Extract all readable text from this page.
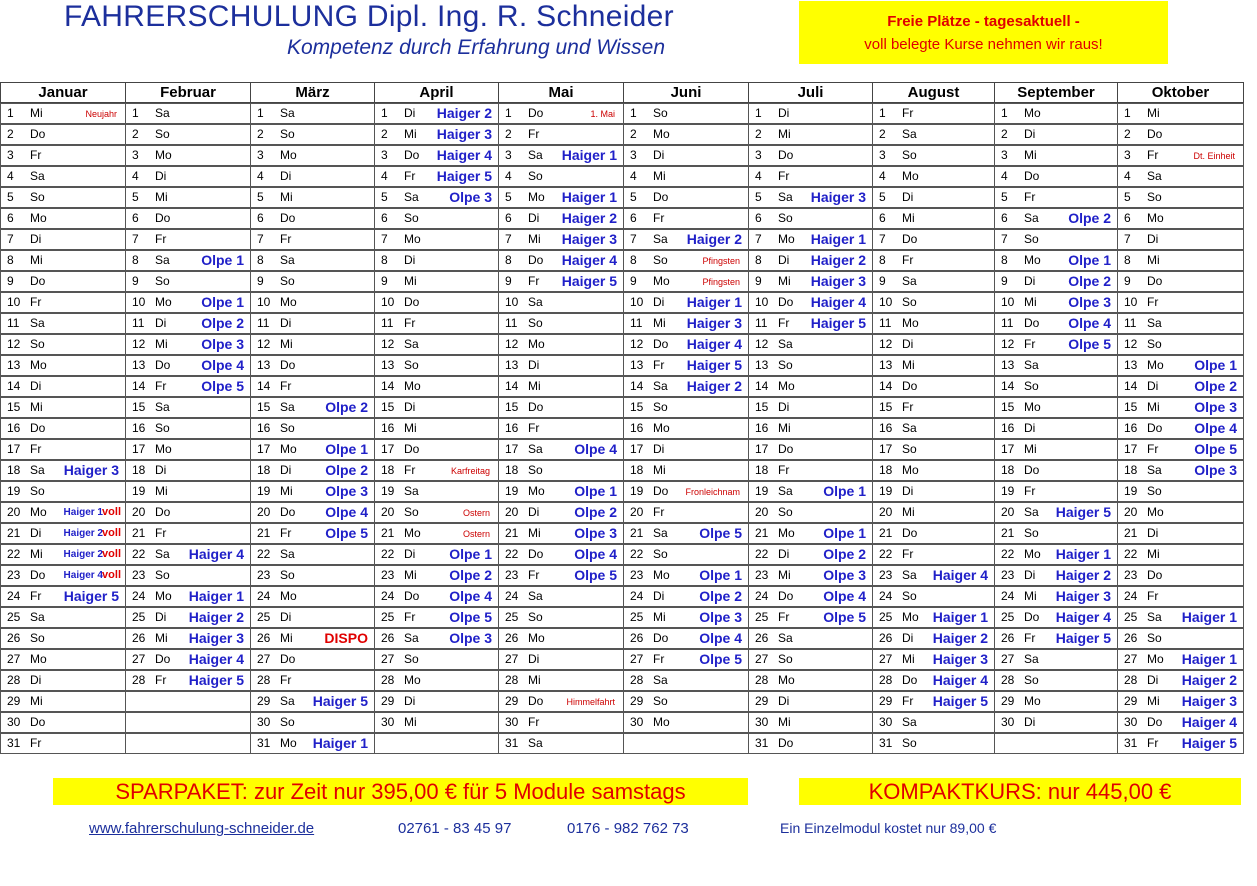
FAHRERSCHULUNG Dipl. Ing. R. Schneider
Kompetenz durch Erfahrung und Wissen
Freie Plätze - tagesaktuell -
voll belegte Kurse nehmen wir raus!
Januar
1 Mi	Neujahr
2 Do
3 Fr
4 Sa
5 So
6 Mo
7 Di
8 Mi
9 Do
10 Fr
11 Sa
12 So
13 Mo
14 Di
15 Mi
16 Do
17 Fr
18 Sa Haiger 3
19 So
20 Mo Haiger 1 voll
21 Di Haiger 2 voll
22 Mi Haiger 2 voll
23 Do Haiger 4 voll
24 Fr Haiger 5
25 Sa
26 So
27 Mo
28 Di
29 Mi
30 Do
31 Fr
Februar
1 Sa
2 So
3 Mo
4 Di
5 Mi
6 Do
7 Fr
8 Sa Olpe 1
9 So
10 Mo Olpe 1
11 Di Olpe 2
12 Mi Olpe 3
13 Do Olpe 4
14 Fr Olpe 5
15 Sa
16 So
17 Mo
18 Di
19 Mi
20 Do
21 Fr
22 Sa Haiger 4
23 So
24 Mo Haiger 1
25 Di Haiger 2
26 Mi Haiger 3
27 Do Haiger 4
28 Fr Haiger 5
März
1 Sa
2 So
3 Mo
4 Di
5 Mi
6 Do
7 Fr
8 Sa
9 So
10 Mo
11 Di
12 Mi
13 Do
14 Fr
15 Sa Olpe 2
16 So
17 Mo Olpe 1
18 Di Olpe 2
19 Mi Olpe 3
20 Do Olpe 4
21 Fr Olpe 5
22 Sa
23 So
24 Mo
25 Di
26 Mi DISPO
27 Do
28 Fr
29 Sa Haiger 5
30 So
31 Mo Haiger 1
April
1 Di Haiger 2
2 Mi Haiger 3
3 Do Haiger 4
4 Fr Haiger 5
5 Sa Olpe 3
6 So
7 Mo
8 Di
9 Mi
10 Do
11 Fr
12 Sa
13 So
14 Mo
15 Di
16 Mi
17 Do
18 Fr	Karfreitag
19 Sa
20 So	Ostern
21 Mo	Ostern
22 Di Olpe 1
23 Mi Olpe 2
24 Do Olpe 4
25 Fr Olpe 5
26 Sa Olpe 3
27 So
28 Mo
29 Di
30 Mi
Mai
1 Do	1. Mai
2 Fr
3 Sa Haiger 1
4 So
5 Mo Haiger 1
6 Di Haiger 2
7 Mi Haiger 3
8 Do Haiger 4
9 Fr Haiger 5
10 Sa
11 So
12 Mo
13 Di
14 Mi
15 Do
16 Fr
17 Sa Olpe 4
18 So
19 Mo Olpe 1
20 Di Olpe 2
21 Mi Olpe 3
22 Do Olpe 4
23 Fr Olpe 5
24 Sa
25 So
26 Mo
27 Di
28 Mi
29 Do	Himmelfahrt
30 Fr
31 Sa
Juni
1 So
2 Mo
3 Di
4 Mi
5 Do
6 Fr
7 Sa Haiger 2
8 So	Pfingsten
9 Mo	Pfingsten
10 Di Haiger 1
11 Mi Haiger 3
12 Do Haiger 4
13 Fr Haiger 5
14 Sa Haiger 2
15 So
16 Mo
17 Di
18 Mi
19 Do Fronleichnam
20 Fr
21 Sa Olpe 5
22 So
23 Mo Olpe 1
24 Di Olpe 2
25 Mi Olpe 3
26 Do Olpe 4
27 Fr Olpe 5
28 Sa
29 So
30 Mo
Juli
1 Di
2 Mi
3 Do
4 Fr
5 Sa Haiger 3
6 So
7 Mo Haiger 1
8 Di Haiger 2
9 Mi Haiger 3
10 Do Haiger 4
11 Fr Haiger 5
12 Sa
13 So
14 Mo
15 Di
16 Mi
17 Do
18 Fr
19 Sa Olpe 1
20 So
21 Mo Olpe 1
22 Di Olpe 2
23 Mi Olpe 3
24 Do Olpe 4
25 Fr Olpe 5
26 Sa
27 So
28 Mo
29 Di
30 Mi
31 Do
August
1 Fr
2 Sa
3 So
4 Mo
5 Di
6 Mi
7 Do
8 Fr
9 Sa
10 So
11 Mo
12 Di
13 Mi
14 Do
15 Fr
16 Sa
17 So
18 Mo
19 Di
20 Mi
21 Do
22 Fr
23 Sa Haiger 4
24 So
25 Mo Haiger 1
26 Di Haiger 2
27 Mi Haiger 3
28 Do Haiger 4
29 Fr Haiger 5
30 Sa
31 So
September
1 Mo
2 Di
3 Mi
4 Do
5 Fr
6 Sa Olpe 2
7 So
8 Mo Olpe 1
9 Di Olpe 2
10 Mi Olpe 3
11 Do Olpe 4
12 Fr Olpe 5
13 Sa
14 So
15 Mo
16 Di
17 Mi
18 Do
19 Fr
20 Sa Haiger 5
21 So
22 Mo Haiger 1
23 Di Haiger 2
24 Mi Haiger 3
25 Do Haiger 4
26 Fr Haiger 5
27 Sa
28 So
29 Mo
30 Di
Oktober
1 Mi
2 Do
3 Fr	Dt. Einheit
4 Sa
5 So
6 Mo
7 Di
8 Mi
9 Do
10 Fr
11 Sa
12 So
13 Mo Olpe 1
14 Di	Olpe 2
15 Mi Olpe 3
16 Do Olpe 4
17 Fr	Olpe 5
18 Sa Olpe 3
19 So
20 Mo
21 Di
22 Mi
23 Do
24 Fr
25 Sa Haiger 1
26 So
27 Mo Haiger 1
28 Di Haiger 2
29 Mi Haiger 3
30 Do Haiger 4
31 Fr Haiger 5
SPARPAKET: zur Zeit nur 395,00 € für 5 Module samstags	KOMPAKTKURS: nur 445,00 €
www.fahrerschulung-schneider.de	02761 - 83 45 97	0176 - 982 762 73	Ein Einzelmodul kostet nur 89,00 €
